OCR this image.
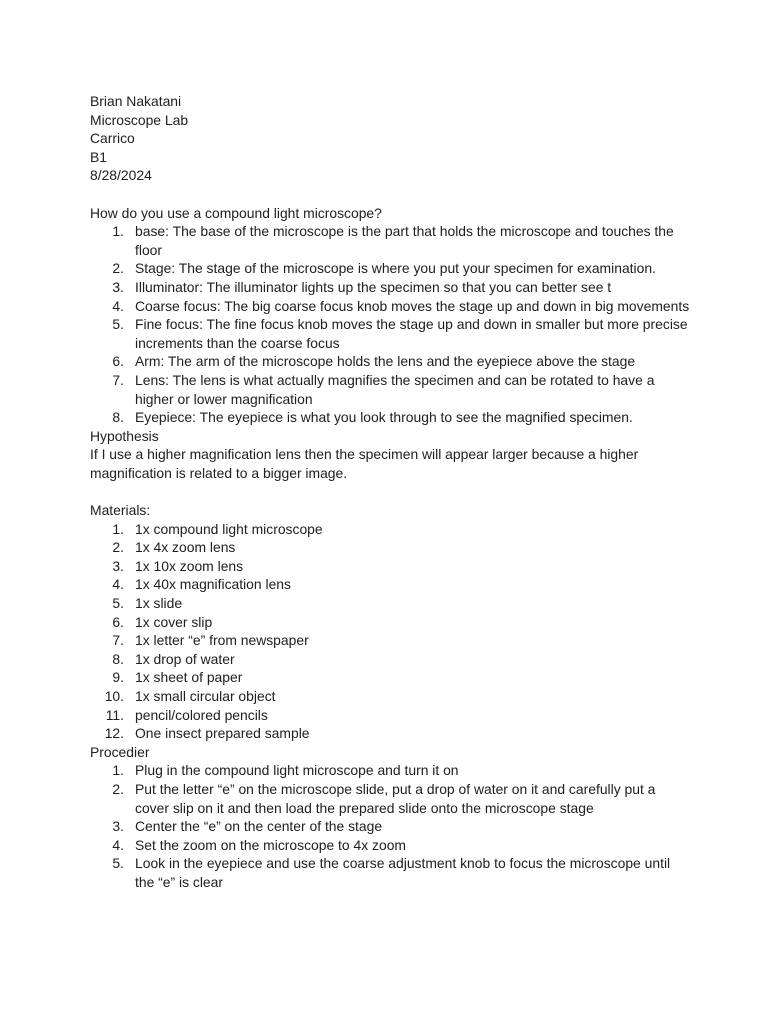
Brian Nakatani

Microscope Lab

Carrico

B1

8/28/2024

How do you use a compound light microscope?

1. base: The base of the microscope is the part that holds the microscope and touches the floor
2. Stage: The stage of the microscope is where you put your specimen for examination.
3. Illuminator: The illuminator lights up the specimen so that you can better see t
4. Coarse focus: The big coarse focus knob moves the stage up and down in big movements
5. Fine focus: The fine focus knob moves the stage up and down in smaller but more precise increments than the coarse focus
6. Arm: The arm of the microscope holds the lens and the eyepiece above the stage
7. Lens: The lens is what actually magnifies the specimen and can be rotated to have a higher or lower magnification
8. Eyepiece: The eyepiece is what you look through to see the magnified specimen.

Hypothesis

If I use a higher magnification lens then the specimen will appear larger because a higher magnification is related to a bigger image.

Materials:

1. 1x compound light microscope
2. 1x 4x zoom lens
3. 1x 10x zoom lens
4. 1x 40x magnification lens
5. 1x slide
6. 1x cover slip
7. 1x letter “e” from newspaper
8. 1x drop of water
9. 1x sheet of paper
10. 1x small circular object
11. pencil/colored pencils
12. One insect prepared sample

Procedier

1. Plug in the compound light microscope and turn it on
2. Put the letter “e” on the microscope slide, put a drop of water on it and carefully put a cover slip on it and then load the prepared slide onto the microscope stage
3. Center the “e” on the center of the stage
4. Set the zoom on the microscope to 4x zoom
5. Look in the eyepiece and use the coarse adjustment knob to focus the microscope until the “e” is clear
